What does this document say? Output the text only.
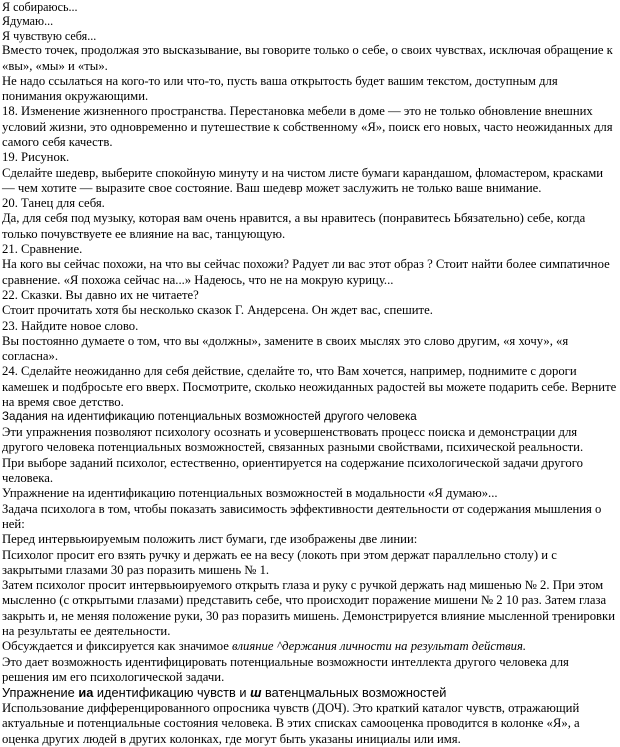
Я собираюсь...

Ядумаю...

Я чувствую себя...

Вместо точек, продолжая это высказывание, вы говорите только о себе, о своих чувствах, исключая обращение к «вы», «мы» и «ты».

Не надо ссылаться на кого-то или что-то, пусть ваша открытость будет вашим текстом, доступным для понимания окружающими.

18. Изменение жизненного пространства. Перестановка мебели в доме — это не только обновление внешних условий жизни, это одновременно и путешествие к собственному «Я», поиск его новых, часто неожиданных для самого себя качеств.

19. Рисунок.

Сделайте шедевр, выберите спокойную минуту и на чистом листе бумаги карандашом, фломастером, красками — чем хотите — выразите свое состояние. Ваш шедевр может заслужить не только ваше внимание.

20. Танец для себя.

Да, для себя под музыку, которая вам очень нравится, а вы нравитесь (понравитесь Ьбязательно) себе, когда только почувствуете ее влияние на вас, танцующую.

21. Сравнение.

На кого вы сейчас похожи, на что вы сейчас похожи? Радует ли вас этот образ ? Стоит найти более симпатичное сравнение. «Я похожа сейчас на...» Надеюсь, что не на мокрую курицу...

22. Сказки. Вы давно их не читаете?

Стоит прочитать хотя бы несколько сказок Г. Андерсена. Он ждет вас, спешите.

23. Найдите новое слово.

Вы постоянно думаете о том, что вы «должны», замените в своих мыслях это слово другим, «я хочу», «я согласна».

24. Сделайте неожиданно для себя действие, сделайте то, что Вам хочется, например, поднимите с дороги камешек и подбросьте его вверх. Посмотрите, сколько неожиданных радостей вы можете подарить себе. Верните на время свое детство.

Задания на идентификацию потенциальных возможностей другого человека

Эти упражнения позволяют психологу осознать и усовершенствовать процесс поиска и демонстрации для другого человека потенциальных возможностей, связанных разными свойствами, психической реальности.

При выборе заданий психолог, естественно, ориентируется на содержание психологической задачи другого человека.

Упражнение на идентификацию потенциальных возможностей в модальности «Я думаю»...

Задача психолога в том, чтобы показать зависимость эффективности деятельности от содержания мышления о ней:

Перед интервьюируемым положить лист бумаги, где изображены две линии:

Психолог просит его взять ручку и держать ее на весу (локоть при этом держат параллельно столу) и с закрытыми глазами 30 раз поразить мишень № 1.

Затем психолог просит интервьюируемого открыть глаза и руку с ручкой держать над мишенью № 2. При этом мысленно (с открытыми глазами) представить себе, что происходит поражение мишени № 2 10 раз. Затем глаза закрыть и, не меняя положение руки, 30 раз поразить мишень. Демонстрируется влияние мысленной тренировки на результаты ее деятельности.

Обсуждается и фиксируется как значимое влияние ^держания личности на результат действия.

Это дает возможность идентифицировать потенциальные возможности интеллекта другого человека для решения им его психологической задачи.

Упражнение иа идентификацию чувств и ш ватенцмальных возможностей

Использование дифференцированного опросника чувств (ДОЧ). Это краткий каталог чувств, отражающий актуальные и потенциальные состояния человека. В этих списках самооценка проводится в колонке «Я», а оценка других людей в других колонках, где могут быть указаны инициалы или имя.
